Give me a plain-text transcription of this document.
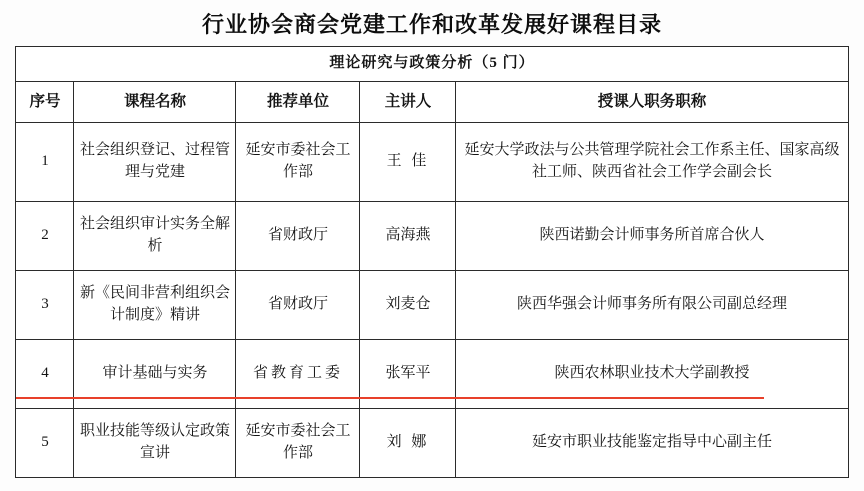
行业协会商会党建工作和改革发展好课程目录
理论研究与政策分析（5 门）				
序号	课程名称	推荐单位	主讲人	授课人职务职称
1	社会组织登记、过程管理与党建	延安市委社会工作部	王 佳	延安大学政法与公共管理学院社会工作系主任、国家高级社工师、陕西省社会工作学会副会长
2	社会组织审计实务全解析	省财政厅	高海燕	陕西诺勤会计师事务所首席合伙人
3	新《民间非营利组织会计制度》精讲	省财政厅	刘麦仓	陕西华强会计师事务所有限公司副总经理
4	审计基础与实务	省教育工委	张军平	陕西农林职业技术大学副教授
5	职业技能等级认定政策宣讲	延安市委社会工作部	刘 娜	延安市职业技能鉴定指导中心副主任
